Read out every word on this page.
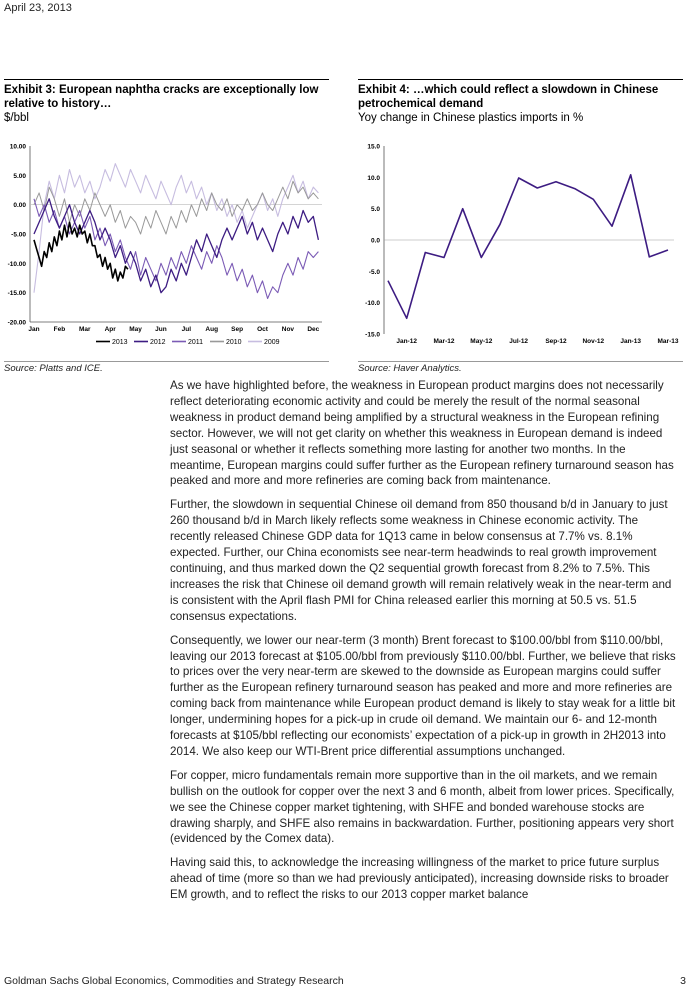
April 23, 2013
Exhibit 3: European naphtha cracks are exceptionally low
relative to history…
$/bbl
10.00
5.00
0.00
-5.00
-10.00
-15.00
-20.00
Jan Feb Mar Apr May Jun Jul Aug Sep Oct Nov Dec
2013	2012	2011	2010	2009
Source: Platts and ICE.
Exhibit 4: …which could reflect a slowdown in Chinese
petrochemical demand
Yoy change in Chinese plastics imports in %
15.0
10.0
5.0
0.0
-5.0
-10.0
-15.0
Jan-12	Mar-12 May-12	Jul-12	Sep-12 Nov-12 Jan-13	Mar-13
Source: Haver Analytics.

As we have highlighted before, the weakness in European product margins does not necessarily reflect deteriorating economic activity and could be merely the result of the normal seasonal weakness in product demand being amplified by a structural weakness in the European refining sector. However, we will not get clarity on whether this weakness in European demand is indeed just seasonal or whether it reflects something more lasting for another two months. In the meantime, European margins could suffer further as the European refinery turnaround season has peaked and more and more refineries are coming back from maintenance.

Further, the slowdown in sequential Chinese oil demand from 850 thousand b/d in January to just 260 thousand b/d in March likely reflects some weakness in Chinese economic activity. The recently released Chinese GDP data for 1Q13 came in below consensus at 7.7% vs. 8.1% expected. Further, our China economists see near-term headwinds to real growth improvement continuing, and thus marked down the Q2 sequential growth forecast from 8.2% to 7.5%. This increases the risk that Chinese oil demand growth will remain relatively weak in the near-term and is consistent with the April flash PMI for China released earlier this morning at 50.5 vs. 51.5 consensus expectations.

Consequently, we lower our near-term (3 month) Brent forecast to $100.00/bbl from $110.00/bbl, leaving our 2013 forecast at $105.00/bbl from previously $110.00/bbl. Further, we believe that risks to prices over the very near-term are skewed to the downside as European margins could suffer further as the European refinery turnaround season has peaked and more and more refineries are coming back from maintenance while European product demand is likely to stay weak for a little bit longer, undermining hopes for a pick-up in crude oil demand. We maintain our 6- and 12-month forecasts at $105/bbl reflecting our economists’ expectation of a pick-up in growth in 2H2013 into 2014. We also keep our WTI-Brent price differential assumptions unchanged.

For copper, micro fundamentals remain more supportive than in the oil markets, and we remain bullish on the outlook for copper over the next 3 and 6 month, albeit from lower prices. Specifically, we see the Chinese copper market tightening, with SHFE and bonded warehouse stocks are drawing sharply, and SHFE also remains in backwardation. Further, positioning appears very short (evidenced by the Comex data).

Having said this, to acknowledge the increasing willingness of the market to price future surplus ahead of time (more so than we had previously anticipated), increasing downside risks to broader EM growth, and to reflect the risks to our 2013 copper market balance

Goldman Sachs Global Economics, Commodities and Strategy Research	3
